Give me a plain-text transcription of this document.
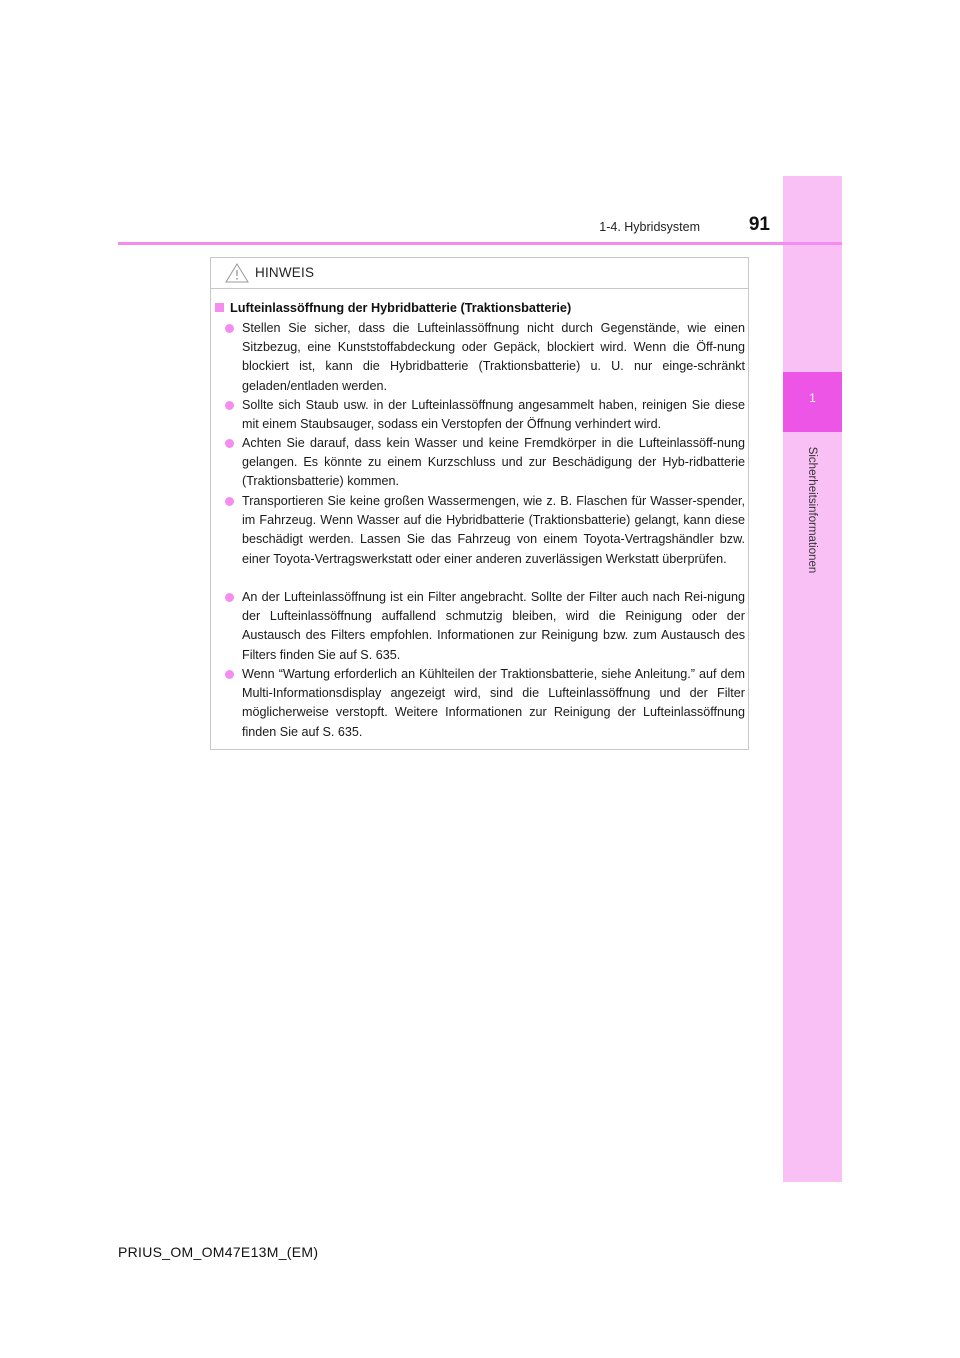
1
Sicherheitsinformationen
1-4. Hybridsystem	91
HINWEIS
Lufteinlassöffnung der Hybridbatterie (Traktionsbatterie)
Stellen Sie sicher, dass die Lufteinlassöffnung nicht durch Gegenstände, wie einen Sitzbezug, eine Kunststoffabdeckung oder Gepäck, blockiert wird. Wenn die Öff-nung blockiert ist, kann die Hybridbatterie (Traktionsbatterie) u. U. nur einge-schränkt geladen/entladen werden.
Sollte sich Staub usw. in der Lufteinlassöffnung angesammelt haben, reinigen Sie diese mit einem Staubsauger, sodass ein Verstopfen der Öffnung verhindert wird.
Achten Sie darauf, dass kein Wasser und keine Fremdkörper in die Lufteinlassöff-nung gelangen. Es könnte zu einem Kurzschluss und zur Beschädigung der Hyb-ridbatterie (Traktionsbatterie) kommen.
Transportieren Sie keine großen Wassermengen, wie z. B. Flaschen für Wasser-spender, im Fahrzeug. Wenn Wasser auf die Hybridbatterie (Traktionsbatterie) gelangt, kann diese beschädigt werden. Lassen Sie das Fahrzeug von einem Toyota-Vertragshändler bzw. einer Toyota-Vertragswerkstatt oder einer anderen zuverlässigen Werkstatt überprüfen.
An der Lufteinlassöffnung ist ein Filter angebracht. Sollte der Filter auch nach Rei-nigung der Lufteinlassöffnung auffallend schmutzig bleiben, wird die Reinigung oder der Austausch des Filters empfohlen. Informationen zur Reinigung bzw. zum Austausch des Filters finden Sie auf S. 635.
Wenn “Wartung erforderlich an Kühlteilen der Traktionsbatterie, siehe Anleitung.” auf dem Multi-Informationsdisplay angezeigt wird, sind die Lufteinlassöffnung und der Filter möglicherweise verstopft. Weitere Informationen zur Reinigung der Lufteinlassöffnung finden Sie auf S. 635.
PRIUS_OM_OM47E13M_(EM)
